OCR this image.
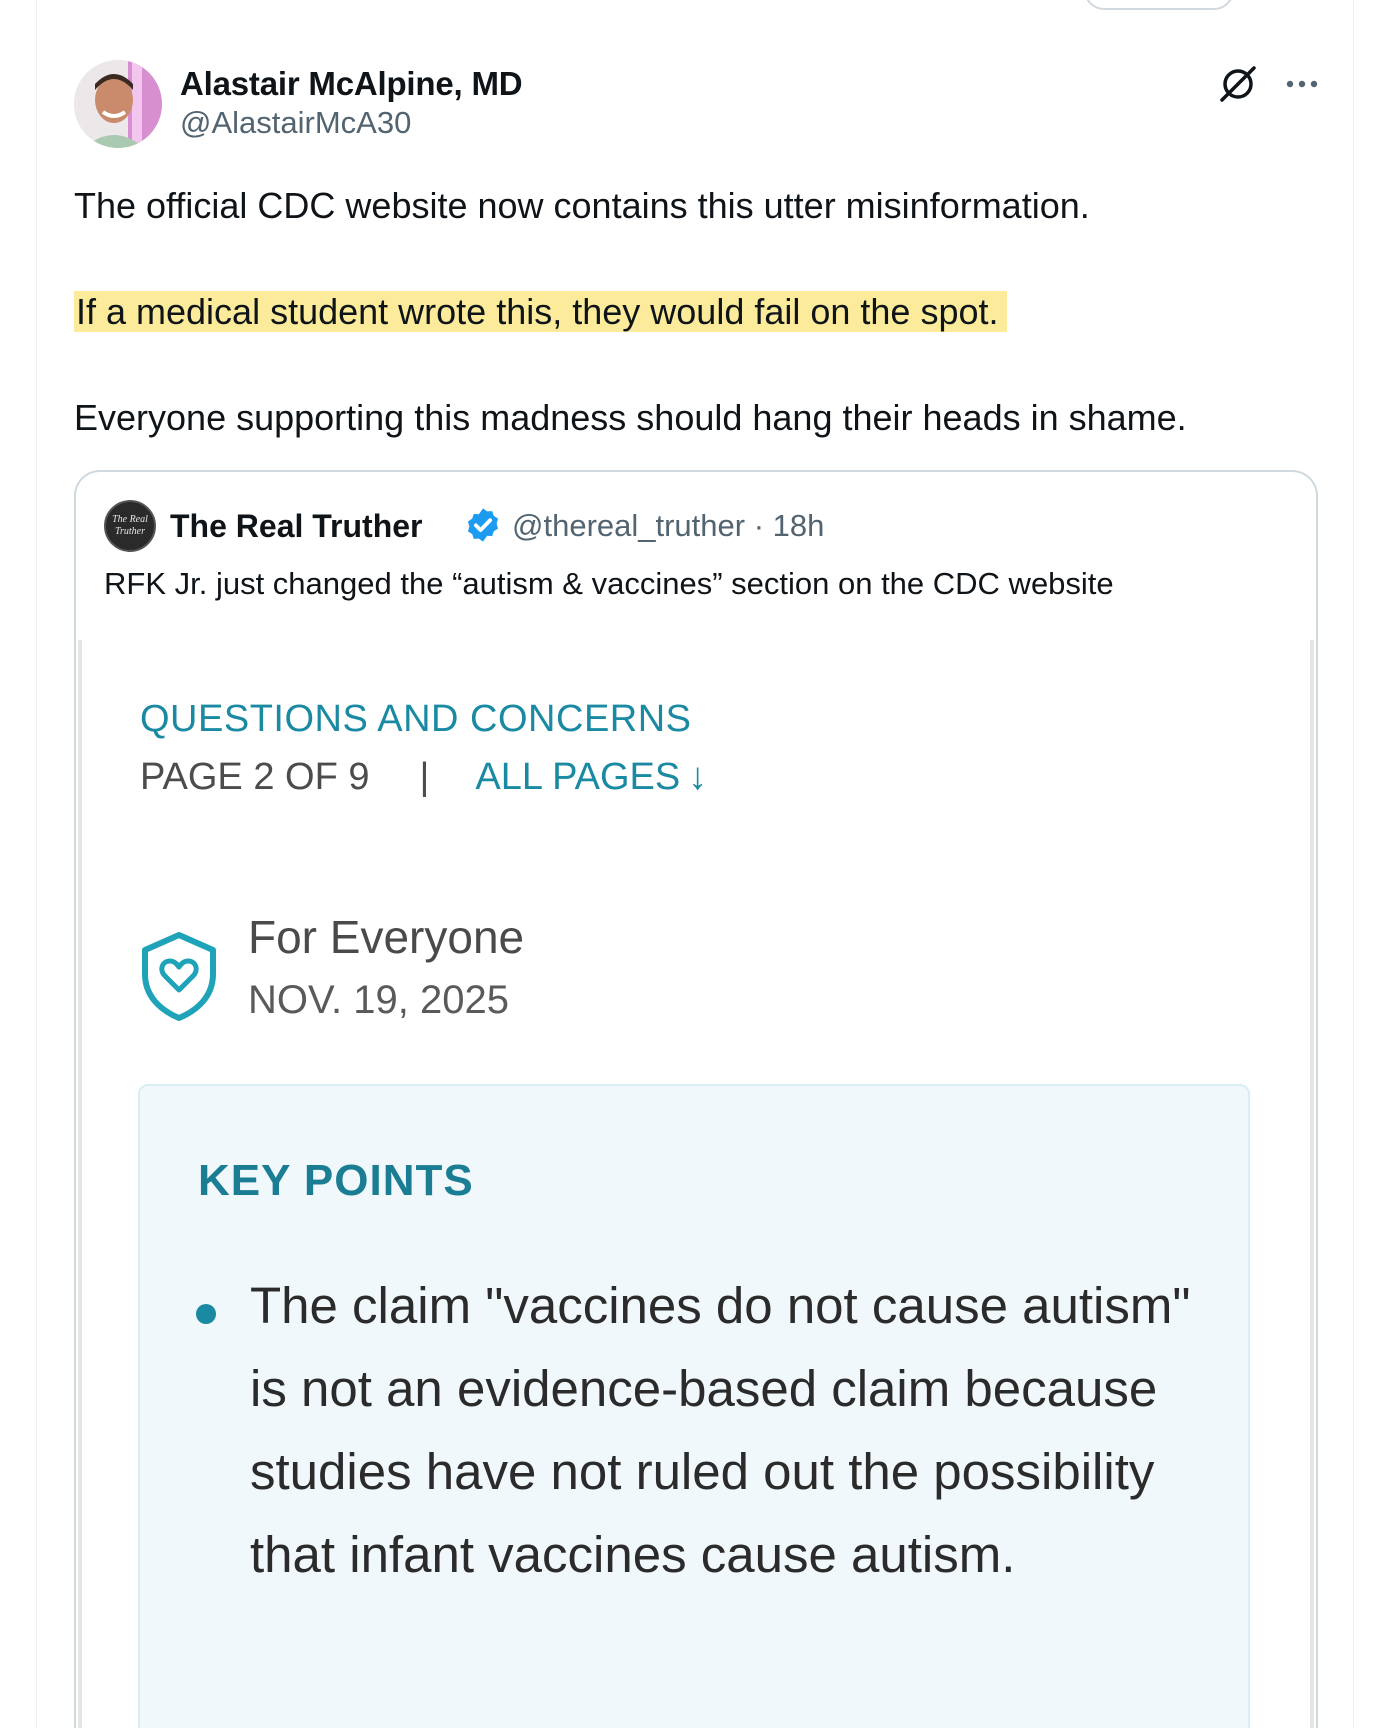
Alastair McAlpine, MD
@AlastairMcA30
The official CDC website now contains this utter misinformation.
If a medical student wrote this, they would fail on the spot.
Everyone supporting this madness should hang their heads in shame.
The Real
Truther The Real Truther	@thereal_truther · 18h
RFK Jr. just changed the “autism & vaccines” section on the CDC website
QUESTIONS AND CONCERNS
PAGE 2 OF 9 | ALL PAGES ↓
For Everyone
NOV. 19, 2025
KEY POINTS
The claim "vaccines do not cause autism" is not an evidence-based claim because studies have not ruled out the possibility that infant vaccines cause autism.
